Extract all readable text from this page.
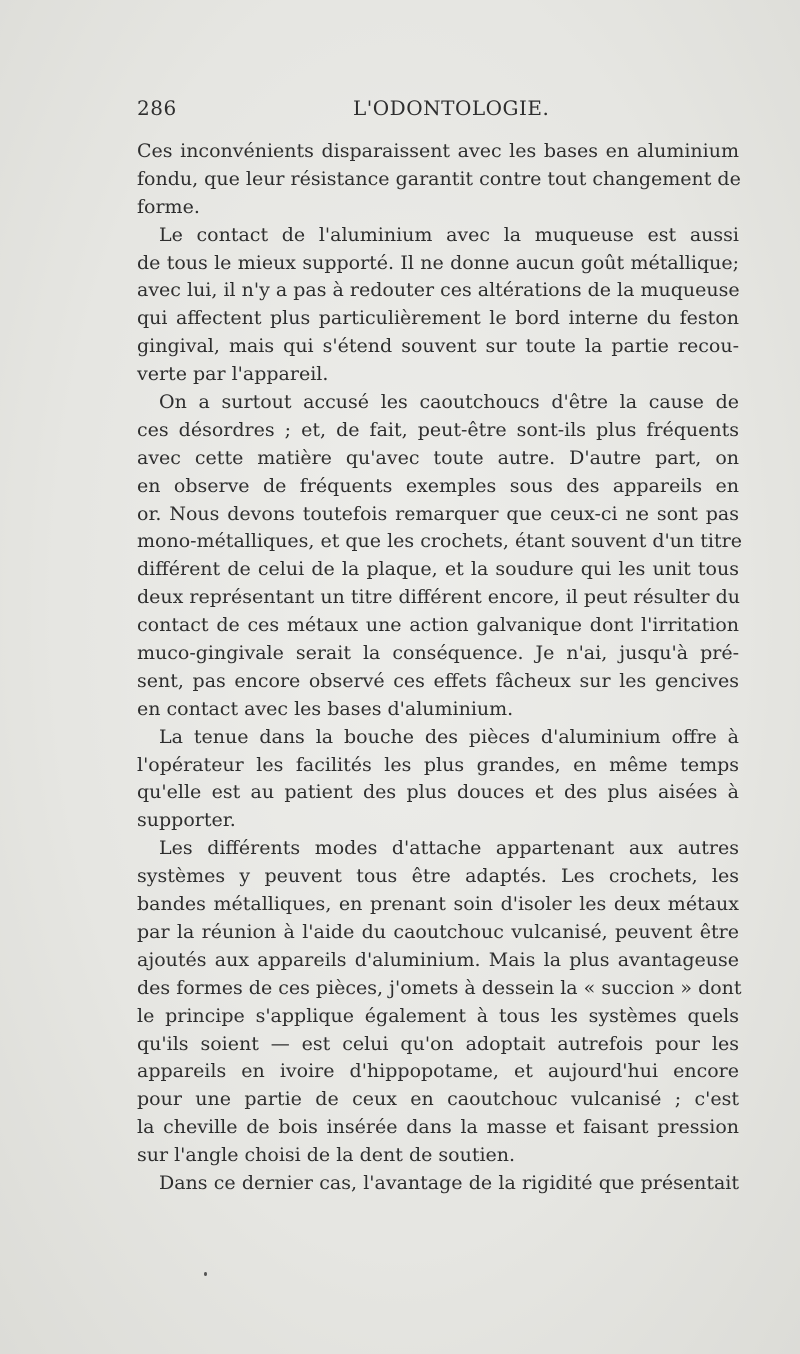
286	L'ODONTOLOGIE.
Ces inconvénients disparaissent avec les bases en aluminium
fondu, que leur résistance garantit contre tout changement de
forme.
Le contact de l'aluminium avec la muqueuse est aussi
de tous le mieux supporté. Il ne donne aucun goût métallique;
avec lui, il n'y a pas à redouter ces altérations de la muqueuse
qui affectent plus particulièrement le bord interne du feston
gingival, mais qui s'étend souvent sur toute la partie recou-
verte par l'appareil.
On a surtout accusé les caoutchoucs d'être la cause de
ces désordres ; et, de fait, peut-être sont-ils plus fréquents
avec cette matière qu'avec toute autre. D'autre part, on
en observe de fréquents exemples sous des appareils en
or. Nous devons toutefois remarquer que ceux-ci ne sont pas
mono-métalliques, et que les crochets, étant souvent d'un titre
différent de celui de la plaque, et la soudure qui les unit tous
deux représentant un titre différent encore, il peut résulter du
contact de ces métaux une action galvanique dont l'irritation
muco-gingivale serait la conséquence. Je n'ai, jusqu'à pré-
sent, pas encore observé ces effets fâcheux sur les gencives
en contact avec les bases d'aluminium.
La tenue dans la bouche des pièces d'aluminium offre à
l'opérateur les facilités les plus grandes, en même temps
qu'elle est au patient des plus douces et des plus aisées à
supporter.
Les différents modes d'attache appartenant aux autres
systèmes y peuvent tous être adaptés. Les crochets, les
bandes métalliques, en prenant soin d'isoler les deux métaux
par la réunion à l'aide du caoutchouc vulcanisé, peuvent être
ajoutés aux appareils d'aluminium. Mais la plus avantageuse
des formes de ces pièces, j'omets à dessein la « succion » dont
le principe s'applique également à tous les systèmes quels
qu'ils soient — est celui qu'on adoptait autrefois pour les
appareils en ivoire d'hippopotame, et aujourd'hui encore
pour une partie de ceux en caoutchouc vulcanisé ; c'est
la cheville de bois insérée dans la masse et faisant pression
sur l'angle choisi de la dent de soutien.
Dans ce dernier cas, l'avantage de la rigidité que présentait
